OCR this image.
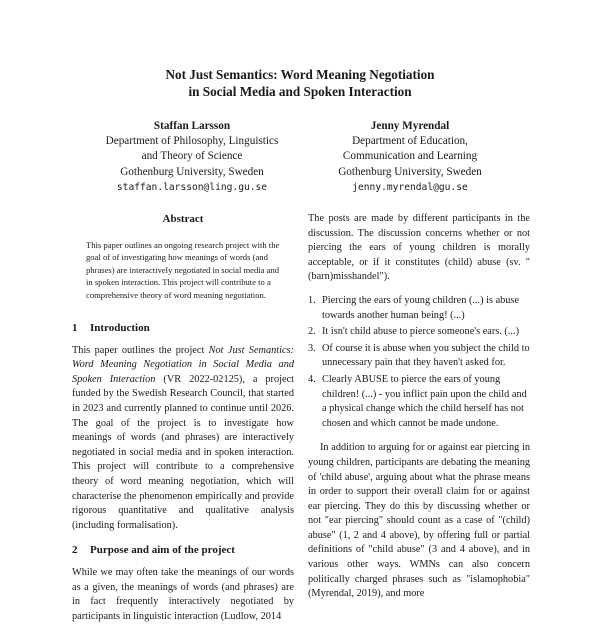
Not Just Semantics: Word Meaning Negotiation
in Social Media and Spoken Interaction
Staffan Larsson
Department of Philosophy, Linguistics
and Theory of Science
Gothenburg University, Sweden
staffan.larsson@ling.gu.se
Jenny Myrendal
Department of Education,
Communication and Learning
Gothenburg University, Sweden
jenny.myrendal@gu.se
Abstract

This paper outlines an ongoing research project with the goal of of investigating how meanings of words (and phrases) are interactively negotiated in social media and in spoken interaction. This project will contribute to a comprehensive theory of word meaning negotiation.

1	Introduction

This paper outlines the project Not Just Semantics: Word Meaning Negotiation in Social Media and Spoken Interaction (VR 2022-02125), a project funded by the Swedish Research Council, that started in 2023 and currently planned to continue until 2026. The goal of the project is to investigate how meanings of words (and phrases) are interactively negotiated in social media and in spoken interaction. This project will contribute to a comprehensive theory of word meaning negotiation, which will characterise the phenomenon empirically and provide rigorous quantitative and qualitative analysis (including formalisation).

2	Purpose and aim of the project

While we may often take the meanings of our words as a given, the meanings of words (and phrases) are in fact frequently interactively negotiated by participants in linguistic interaction (Ludlow, 2014

The posts are made by different participants in the discussion. The discussion concerns whether or not piercing the ears of young children is morally acceptable, or if it constitutes (child) abuse (sv. "(barn)misshandel").

1. Piercing the ears of young children (...) is abuse towards another human being! (...)
2. It isn't child abuse to pierce someone's ears. (...)
3. Of course it is abuse when you subject the child to unnecessary pain that they haven't asked for.
4. Clearly ABUSE to pierce the ears of young children! (...) - you inflict pain upon the child and a physical change which the child herself has not chosen and which cannot be made undone.

In addition to arguing for or against ear piercing in young children, participants are debating the meaning of 'child abuse', arguing about what the phrase means in order to support their overall claim for or against ear piercing. They do this by discussing whether or not "ear piercing" should count as a case of "(child) abuse" (1, 2 and 4 above), by offering full or partial definitions of "child abuse" (3 and 4 above), and in various other ways. WMNs can also concern politically charged phrases such as "islamophobia" (Myrendal, 2019), and more
